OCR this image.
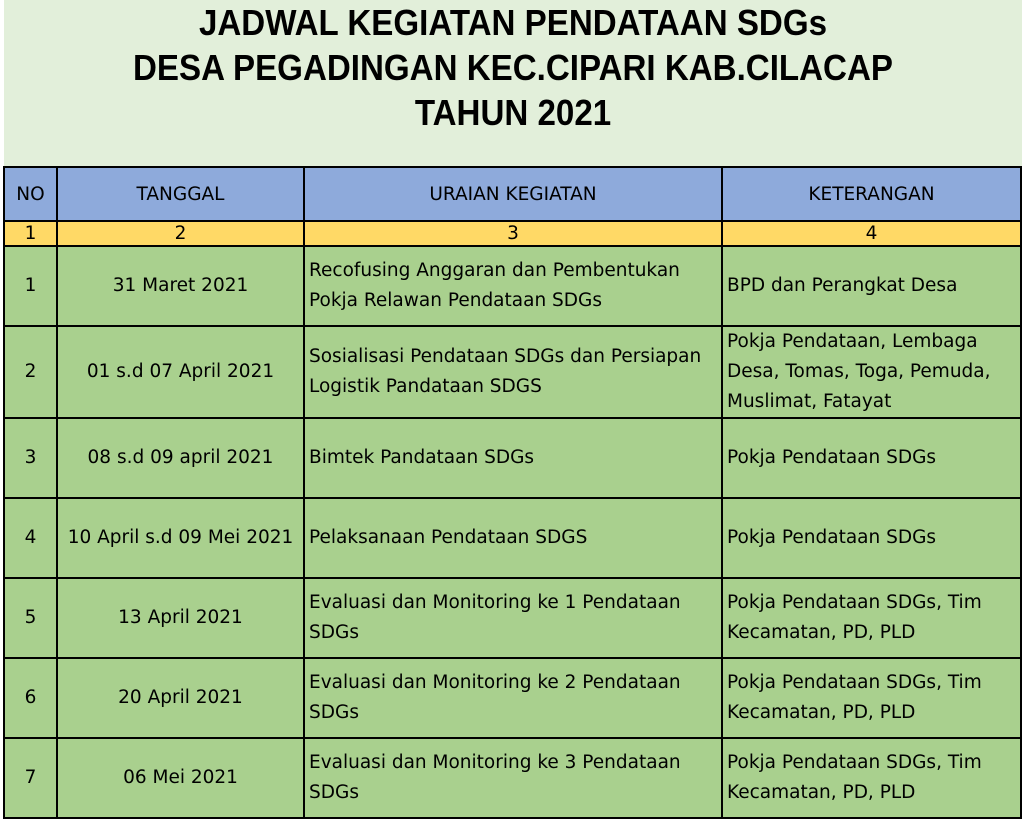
JADWAL KEGIATAN PENDATAAN SDGs
DESA PEGADINGAN KEC.CIPARI KAB.CILACAP
TAHUN 2021
NO	TANGGAL	URAIAN KEGIATAN	KETERANGAN
1	2	3	4
1	31 Maret 2021	Recofusing Anggaran dan Pembentukan Pokja Relawan Pendataan SDGs	BPD dan Perangkat Desa
2	01 s.d 07 April 2021	Sosialisasi Pendataan SDGs dan Persiapan Logistik Pandataan SDGS	Pokja Pendataan, Lembaga Desa, Tomas, Toga, Pemuda, Muslimat, Fatayat
3	08 s.d 09 april 2021	Bimtek Pandataan SDGs	Pokja Pendataan SDGs
4	10 April s.d 09 Mei 2021	Pelaksanaan Pendataan SDGS	Pokja Pendataan SDGs
5	13 April 2021	Evaluasi dan Monitoring ke 1 Pendataan SDGs	Pokja Pendataan SDGs, Tim Kecamatan, PD, PLD
6	20 April 2021	Evaluasi dan Monitoring ke 2 Pendataan SDGs	Pokja Pendataan SDGs, Tim Kecamatan, PD, PLD
7	06 Mei 2021	Evaluasi dan Monitoring ke 3 Pendataan SDGs	Pokja Pendataan SDGs, Tim Kecamatan, PD, PLD
